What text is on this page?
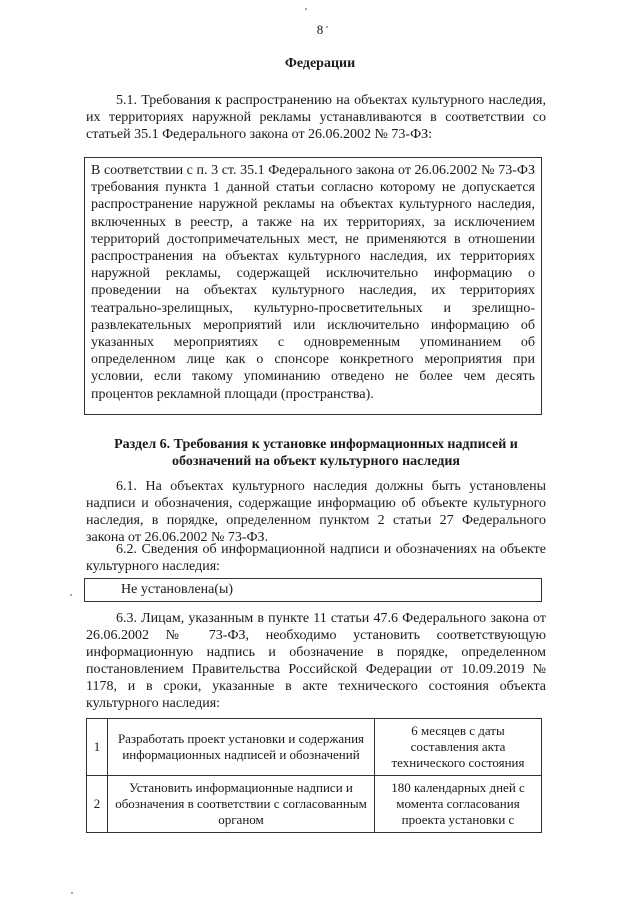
8
Федерации
5.1. Требования к распространению на объектах культурного наследия, их территориях наружной рекламы устанавливаются в соответствии со статьей 35.1 Федерального закона от 26.06.2002 № 73-ФЗ:
В соответствии с п. 3 ст. 35.1 Федерального закона от 26.06.2002 № 73-ФЗ требования пункта 1 данной статьи согласно которому не допускается распространение наружной рекламы на объектах культурного наследия, включенных в реестр, а также на их территориях, за исключением территорий достопримечательных мест, не применяются в отношении распространения на объектах культурного наследия, их территориях наружной рекламы, содержащей исключительно информацию о проведении на объектах культурного наследия, их территориях театрально-зрелищных, культурно-просветительных и зрелищно-развлекательных мероприятий или исключительно информацию об указанных мероприятиях с одновременным упоминанием об определенном лице как о спонсоре конкретного мероприятия при условии, если такому упоминанию отведено не более чем десять процентов рекламной площади (пространства).
Раздел 6. Требования к установке информационных надписей и обозначений на объект культурного наследия
6.1. На объектах культурного наследия должны быть установлены надписи и обозначения, содержащие информацию об объекте культурного наследия, в порядке, определенном пунктом 2 статьи 27 Федерального закона от 26.06.2002 № 73-ФЗ.
6.2. Сведения об информационной надписи и обозначениях на объекте культурного наследия:
Не установлена(ы)
6.3. Лицам, указанным в пункте 11 статьи 47.6 Федерального закона от 26.06.2002 № 73-ФЗ, необходимо установить соответствующую информационную надпись и обозначение в порядке, определенном постановлением Правительства Российской Федерации от 10.09.2019 № 1178, и в сроки, указанные в акте технического состояния объекта культурного наследия:
1	Разработать проект установки и содержания информационных надписей и обозначений	6 месяцев с даты составления акта технического состояния
2	Установить информационные надписи и обозначения в соответствии с согласованным органом	180 календарных дней с момента согласования проекта установки с
